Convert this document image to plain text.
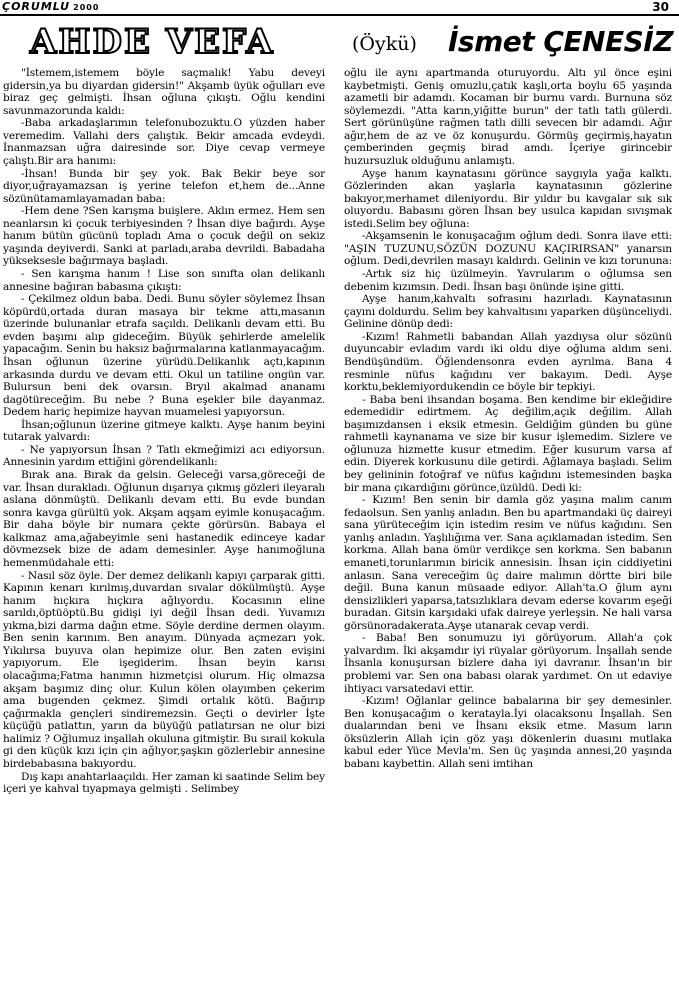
ÇORUMLU 2000	30
AHDE VEFA	(Öykü) İsmet ÇENESİZ

"İstemem,istemem böyle saçmalık! Yabu deveyi gidersin,ya bu diyardan gidersin!" Akşamb üyük oğulları eve biraz geç gelmişti. İhsan oğluna çıkıştı. Oğlu kendini savunmazorunda kaldı:

-Baba arkadaşlarımın telefonubozuktu.O yüzden haber veremedim. Vallahi ders çalıştık. Bekir amcada evdeydi. İnanmazsan uğra dairesinde sor. Diye cevap vermeye çalıştı.Bir ara hanımı:

-İhsan! Bunda bir şey yok. Bak Bekir beye sor diyor,uğrayamazsan iş yerine telefon et,hem de...Anne sözünütamamlayamadan baba:

-Hem dene ?Sen karışma buişlere. Aklın ermez. Hem sen neanlarsın ki çocuk terbiyesinden ? İhsan diye bağırdı. Ayşe hanım bütün gücünü topladı Ama o çocuk değil on sekiz yaşında deyiverdi. Sanki at parladı,araba devrildi. Babadaha yükseksesle bağırmaya başladı.

- Sen karışma hanım ! Lise son sınıfta olan delikanlı annesine bağıran babasına çıkıştı:

- Çekilmez oldun baba. Dedi. Bunu söyler söylemez İhsan köpürdü,ortada duran masaya bir tekme attı,masanın üzerinde bulunanlar etrafa saçıldı. Delikanlı devam etti. Bu evden başımı alıp gideceğim. Büyük şehirlerde amelelik yapacağım. Senin bu haksız bağırmalarına katlanmayacağım. İhsan oğlunun üzerine yürüdü.Delikanlık açtı,kapının arkasında durdu ve devam etti. Okul un tatiline ongün var. Bulursun beni dek ovarsın. Bryıl akalmad ananamı dagötüreceğim. Bu nebe ? Buna eşekler bile dayanmaz. Dedem hariç hepimize hayvan muamelesi yapıyorsun.

İhsan;oğlunun üzerine gitmeye kalktı. Ayşe hanım beyini tutarak yalvardı:

- Ne yapıyorsun İhsan ? Tatlı ekmeğimizi acı ediyorsun. Annesinin yardım ettiğini görendelikanlı:

Bırak ana. Bırak da gelsin. Geleceği varsa,göreceği de var. İhsan durakladı. Oğlunun dışarıya çıkmış gözleri ileyaralı aslana dönmüştü. Delikanlı devam etti. Bu evde bundan sonra kavga gürültü yok. Akşam aqşam eyimle konuşacağım. Bir daha böyle bir numara çekte görürsün. Babaya el kalkmaz ama,ağabeyimle seni hastanedik edinceye kadar dövmezsek bize de adam demesinler. Ayşe hanımoğluna hemenmüdahale etti:

- Nasıl söz öyle. Der demez delikanlı kapıyı çarparak gitti. Kapının kenarı kırılmış,duvardan sıvalar dökülmüştü. Ayşe hanım hıçkıra hıçkıra ağlıyordu. Kocasının eline sarıldı,öptüöptü.Bu gidişi iyi değil İhsan dedi. Yuvamızı yıkma,bizi darma dağın etme. Söyle derdine dermen olayım. Ben senin karınım. Ben anayım. Dünyada açmezarı yok. Yıkılırsa buyuva olan hepimize olur. Ben zaten evişini yapıyorum. Ele işegiderim. İhsan beyin karısı olacağıma;Fatma hanımın hizmetçisi olurum. Hiç olmazsa akşam başımız dinç olur. Kulun kölen olayımben çekerim ama bugenden çekmez. Şimdi ortalık kötü. Bağırıp çağırmakla gençleri sindiremezsin. Geçti o devirler İşte küçüğü patlattın, yarın da büyüğü patlatırsan ne olur bizi halimiz ? Oğlumuz inşallah okuluna gitmiştir. Bu sırail kokula gi den küçük kızı için çin ağlıyor,şaşkın gözlerlebir annesine birdebabasına bakıyordu.

Dış kapı anahtarlaaçıldı. Her zaman ki saatinde Selim bey içeri ye kahval tıyapmaya gelmişti . Selimbey

oğlu ile aynı apartmanda oturuyordu. Altı yıl önce eşini kaybetmişti. Geniş omuzlu,çatık kaşlı,orta boylu 65 yaşında azametli bir adamdı. Kocaman bir burnu vardı. Burnuna söz söylemezdi. "Atta karın,yiğitte burun" der tatlı tatlı gülerdi. Sert görünüşüne rağmen tatlı dilli sevecen bir adamdı. Ağır ağır,hem de az ve öz konuşurdu. Görmüş geçirmiş,hayatın çemberinden geçmiş birad amdı. İçeriye girincebir huzursuzluk olduğunu anlamıştı.

Ayşe hanım kaynatasını görünce saygıyla yağa kalktı. Gözlerinden akan yaşlarla kaynatasının gözlerine bakıyor,merhamet dileniyordu. Bir yıldır bu kavgalar sık sık oluyordu. Babasını gören İhsan bey usulca kapıdan sıvışmak istedi.Selim bey oğluna:

-Akşamsenin le konuşacağım oğlum dedi. Sonra ilave etti: "AŞIN TUZUNU,SÖZÜN DOZUNU KAÇIRIRSAN" yanarsın oğlum. Dedi,devrilen masayı kaldırdı. Gelinin ve kızı torununa:

-Artık siz hiç üzülmeyin. Yavrularım o oğlumsa sen debenim kızımsın. Dedi. İhsan başı önünde işine gitti.

Ayşe hanım,kahvaltı sofrasını hazırladı. Kaynatasının çayını doldurdu. Selim bey kahvaltısını yaparken düşünceliydi. Gelinine dönüp dedi:

-Kızım! Rahmetli babandan Allah yazdıysa olur sözünü duyuncabir evladım vardı iki oldu diye oğluma aldım seni. Bendüşündüm. Öğlendensonra evden ayrılma. Bana 4 resminle nüfus kağıdını ver bakayım. Dedi. Ayşe korktu,beklemiyordukendin ce böyle bir tepkiyi.

- Baba beni ihsandan boşama. Ben kendime bir ekleğidire edemedidir edirtmem. Aç değilim,açık değilim. Allah başımızdansen i eksik etmesin. Geldiğim günden bu güne rahmetli kaynanama ve size bir kusur işlemedim. Sizlere ve oğlunuza hizmette kusur etmedim. Eğer kusurum varsa af edin. Diyerek korkusunu dile getirdi. Ağlamaya başladı. Selim bey gelininin fotoğraf ve nüfus kağıdını istemesinden başka bir mana çıkardığını görünce,üzüldü. Dedi ki:

- Kızım! Ben senin bir damla göz yaşına malım canım fedaolsun. Sen yanlış anladın. Ben bu apartmandaki üç daireyi sana yürüteceğim için istedim resim ve nüfus kağıdını. Sen yanlış anladın. Yaşlılığıma ver. Sana açıklamadan istedim. Sen korkma. Allah bana ömür verdikçe sen korkma. Sen babanın emaneti,torunlarımın biricik annesisin. İhsan için ciddiyetini anlasın. Sana vereceğim üç daire malımın dörtte biri bile değil. Buna kanun müsaade ediyor. Allah'ta.O ğlum aynı densizlikleri yaparsa,tatsızlıklara devam ederse kovarım eşeği buradan. Gitsin karşıdaki ufak daireye yerleşsin. Ne hali varsa görsünoradakerata.Ayşe utanarak cevap verdi.

- Baba! Ben sonumuzu iyi görüyorum. Allah'a çok yalvardım. İki akşamdır iyi rüyalar görüyorum. İnşallah sende İhsanla konuşursan bizlere daha iyi davranır. İhsan'ın bir problemi var. Sen ona babası olarak yardımet. On ut edaviye ihtiyacı varsatedavi ettir.

-Kızım! Oğlanlar gelince babalarına bir şey demesinler. Ben konuşacağım o keratayla.İyi olacaksonu İnşallah. Sen dualarından beni ve İhsanı eksik etme. Masum ların öksüzlerin Allah için göz yaşı dökenlerin duasını mutlaka kabul eder Yüce Mevla'm. Sen üç yaşında annesi,20 yaşında babanı kaybettin. Allah seni imtihan
